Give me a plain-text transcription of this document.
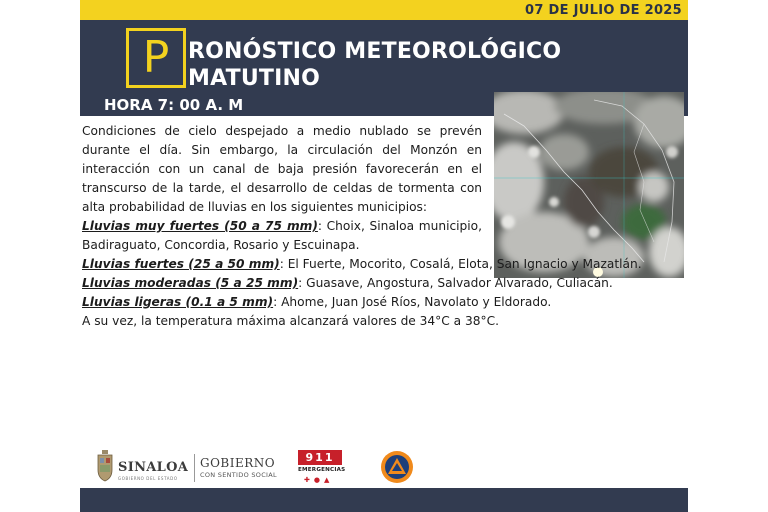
07 DE JULIO DE 2025
P RONÓSTICO METEOROLÓGICO
MATUTINO
HORA 7: 00 A. M

Condiciones de cielo despejado a medio nublado se prevén durante el día. Sin embargo, la circulación del Monzón en interacción con un canal de baja presión favorecerán en el transcurso de la tarde, el desarrollo de celdas de tormenta con alta probabilidad de lluvias en los siguientes municipios:

Lluvias muy fuertes (50 a 75 mm): Choix, Sinaloa municipio, Badiraguato, Concordia, Rosario y Escuinapa.

Lluvias fuertes (25 a 50 mm): El Fuerte, Mocorito, Cosalá, Elota, San Ignacio y Mazatlán.

Lluvias moderadas (5 a 25 mm): Guasave, Angostura, Salvador Alvarado, Culiacán.

Lluvias ligeras (0.1 a 5 mm): Ahome, Juan José Ríos, Navolato y Eldorado.

A su vez, la temperatura máxima alcanzará valores de 34°C a 38°C.

SINALOA
GOBIERNO DEL ESTADO
GOBIERNO
CON SENTIDO SOCIAL
911
EMERGENCIAS
✚●▲
